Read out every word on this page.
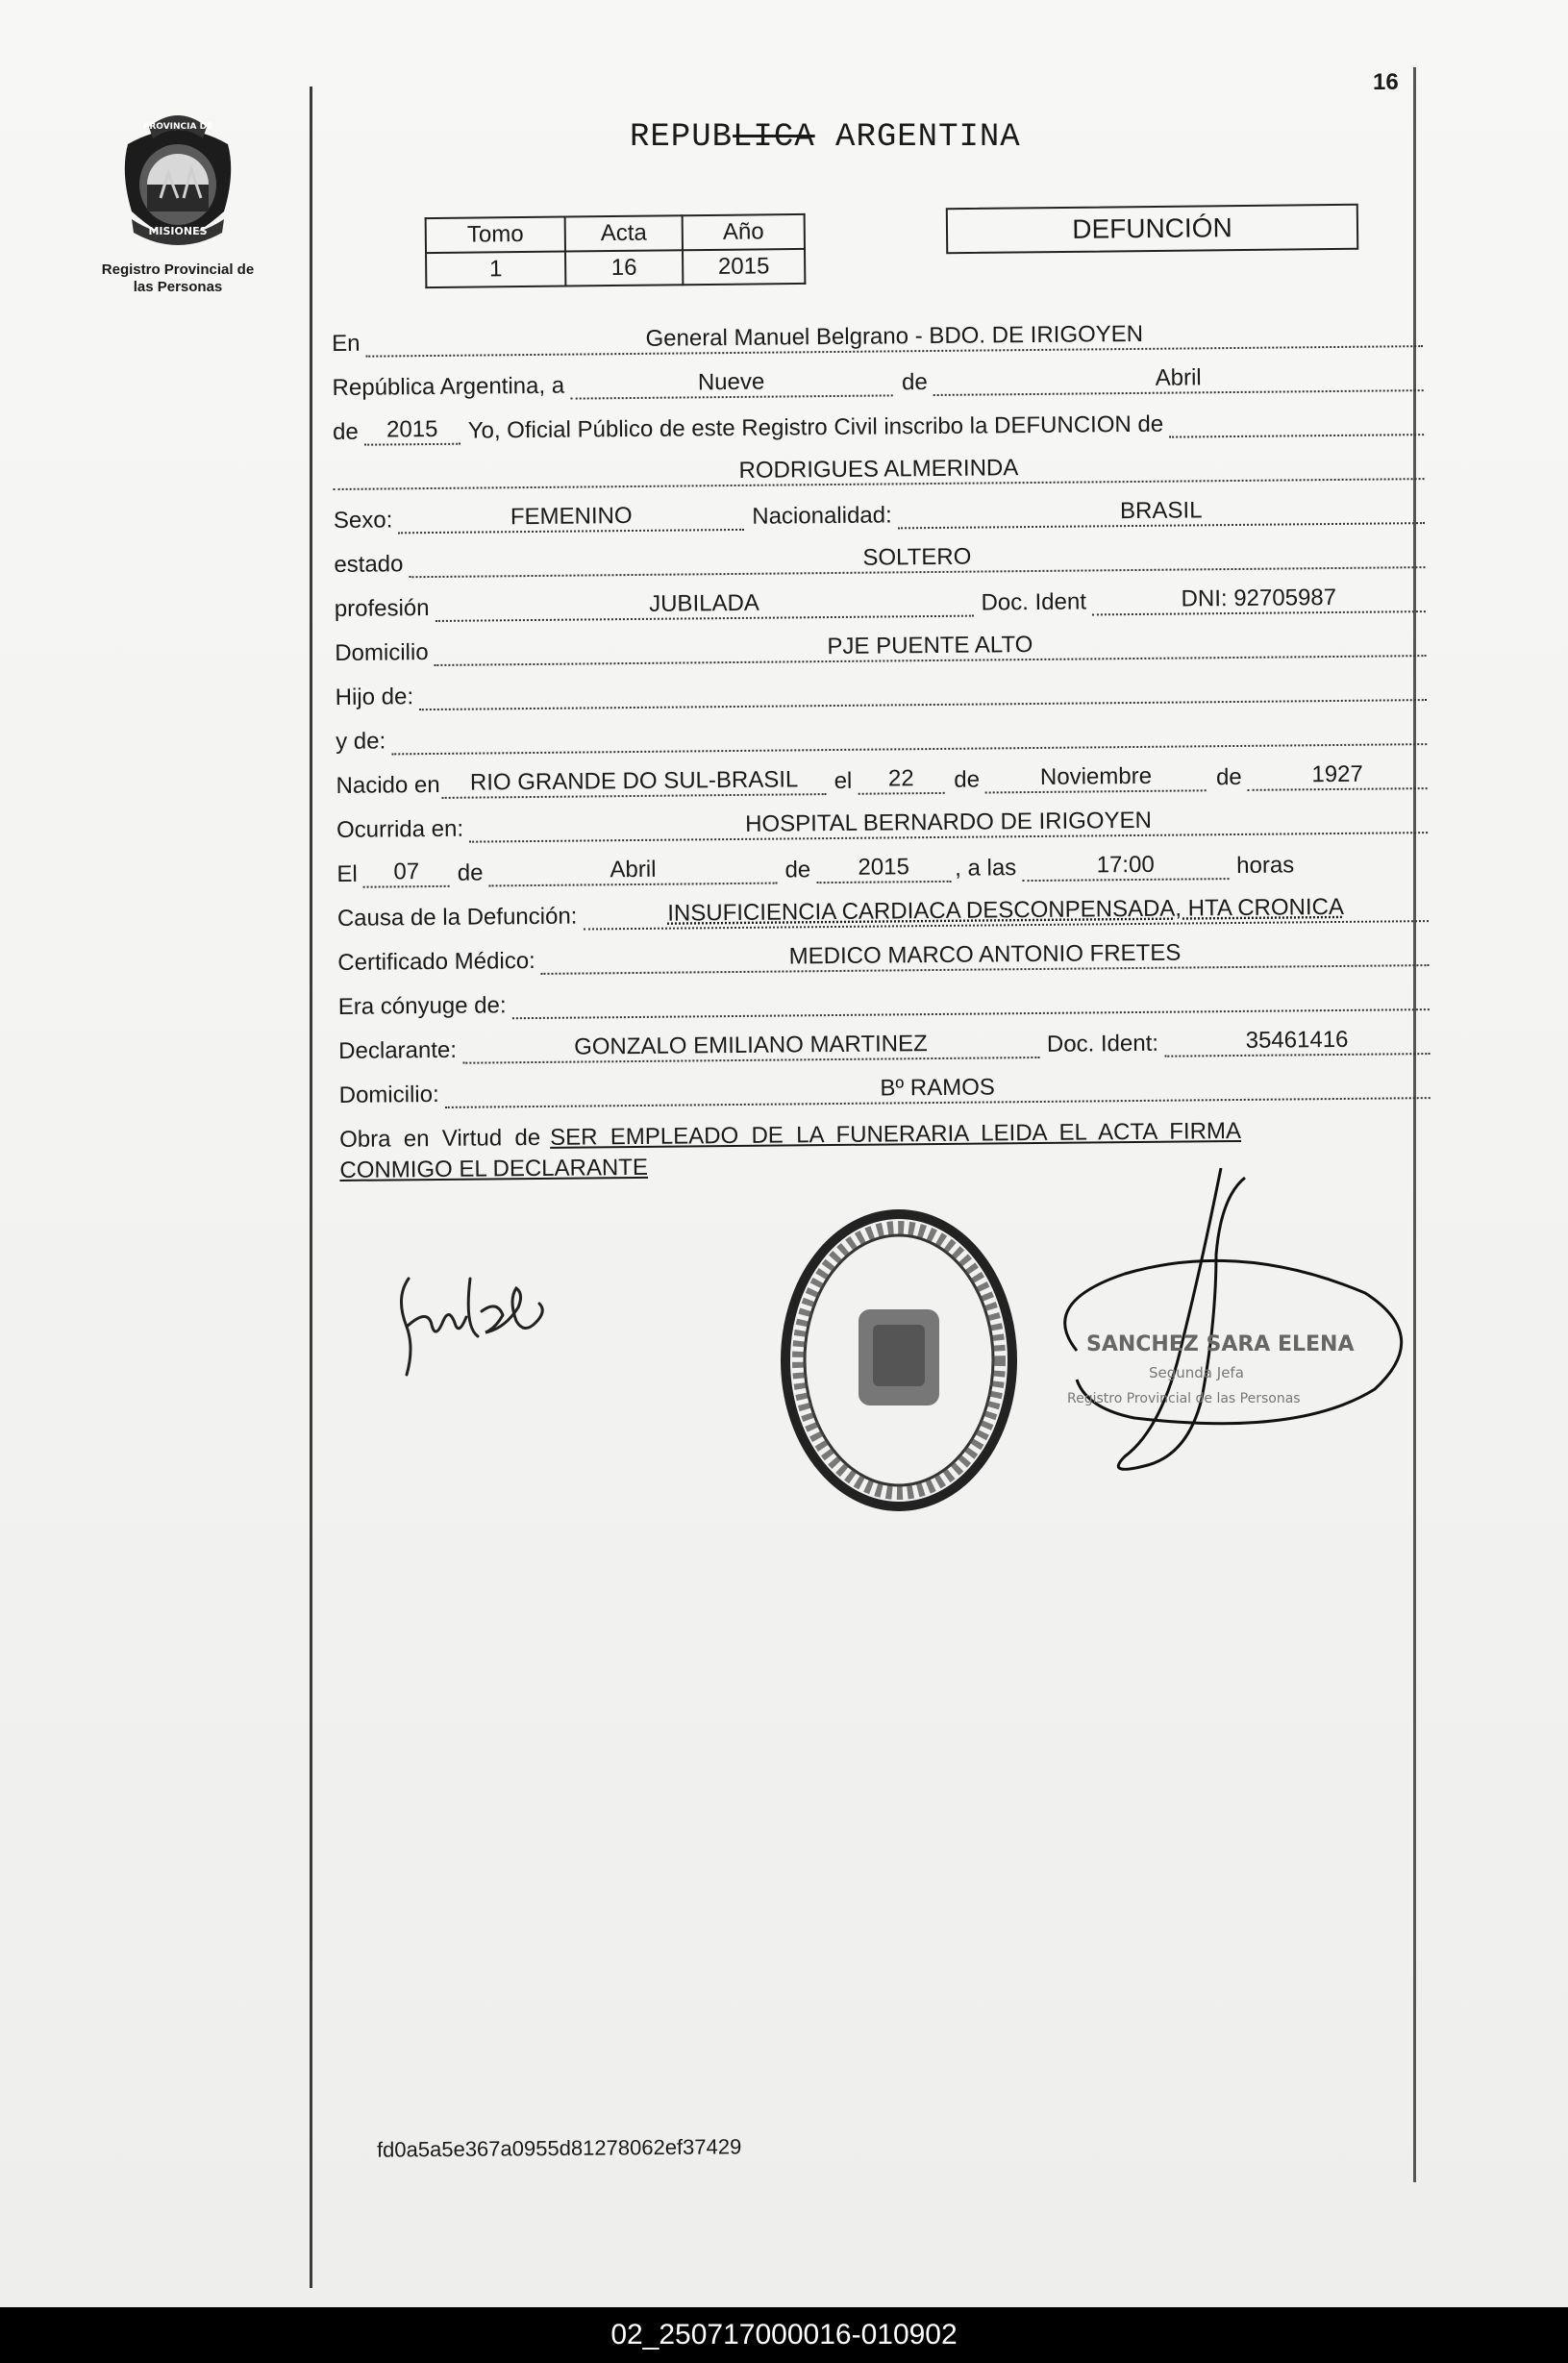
16
PROVINCIA DE
MISIONES
Registro Provincial de
las Personas
REPUBLICA ARGENTINA
Tomo	Acta	Año
1	16	2015
DEFUNCIÓN
En	General Manuel Belgrano - BDO. DE IRIGOYEN
República Argentina, a	Nueve	de	Abril
de	2015	Yo, Oficial Público de este Registro Civil inscribo la DEFUNCION de
RODRIGUES ALMERINDA
Sexo:	FEMENINO	Nacionalidad:	BRASIL
estado	SOLTERO
profesión	JUBILADA	Doc. Ident	DNI: 92705987
Domicilio	PJE PUENTE ALTO
Hijo de:
y de:
Nacido en	RIO GRANDE DO SUL-BRASIL	el	22	de	Noviembre	de	1927
Ocurrida en:	HOSPITAL BERNARDO DE IRIGOYEN
El	07	de	Abril	de	2015	, a las	17:00	horas
Causa de la Defunción:	INSUFICIENCIA CARDIACA DESCONPENSADA, HTA CRONICA
Certificado Médico:	MEDICO MARCO ANTONIO FRETES
Era cónyuge de:
Declarante:	GONZALO EMILIANO MARTINEZ	Doc. Ident:	35461416
Domicilio:	Bº RAMOS
Obra  en  Virtud  de SER  EMPLEADO  DE  LA  FUNERARIA  LEIDA  EL  ACTA  FIRMA
CONMIGO EL DECLARANTE
SANCHEZ SARA ELENA
Segunda Jefa
Registro Provincial de las Personas
fd0a5a5e367a0955d81278062ef37429
02_250717000016-010902
